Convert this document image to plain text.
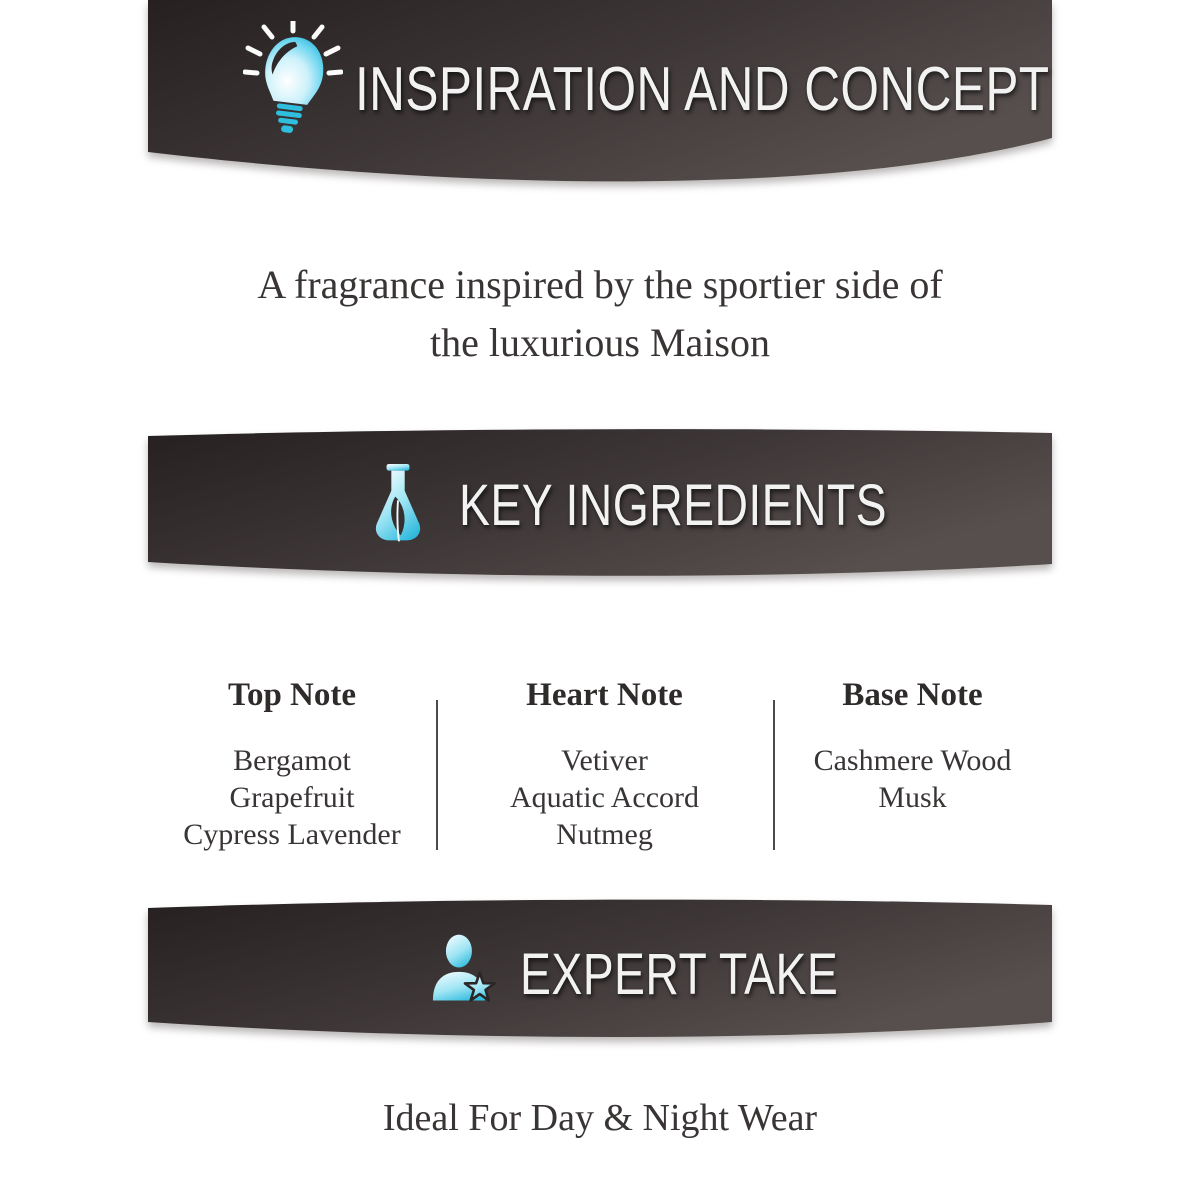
INSPIRATION AND CONCEPT
A fragrance inspired by the sportier side of
the luxurious Maison
KEY INGREDIENTS
Top Note
Bergamot
Grapefruit
Cypress Lavender
Heart Note
Vetiver
Aquatic Accord
Nutmeg
Base Note
Cashmere Wood
Musk
EXPERT TAKE
Ideal For Day & Night Wear
